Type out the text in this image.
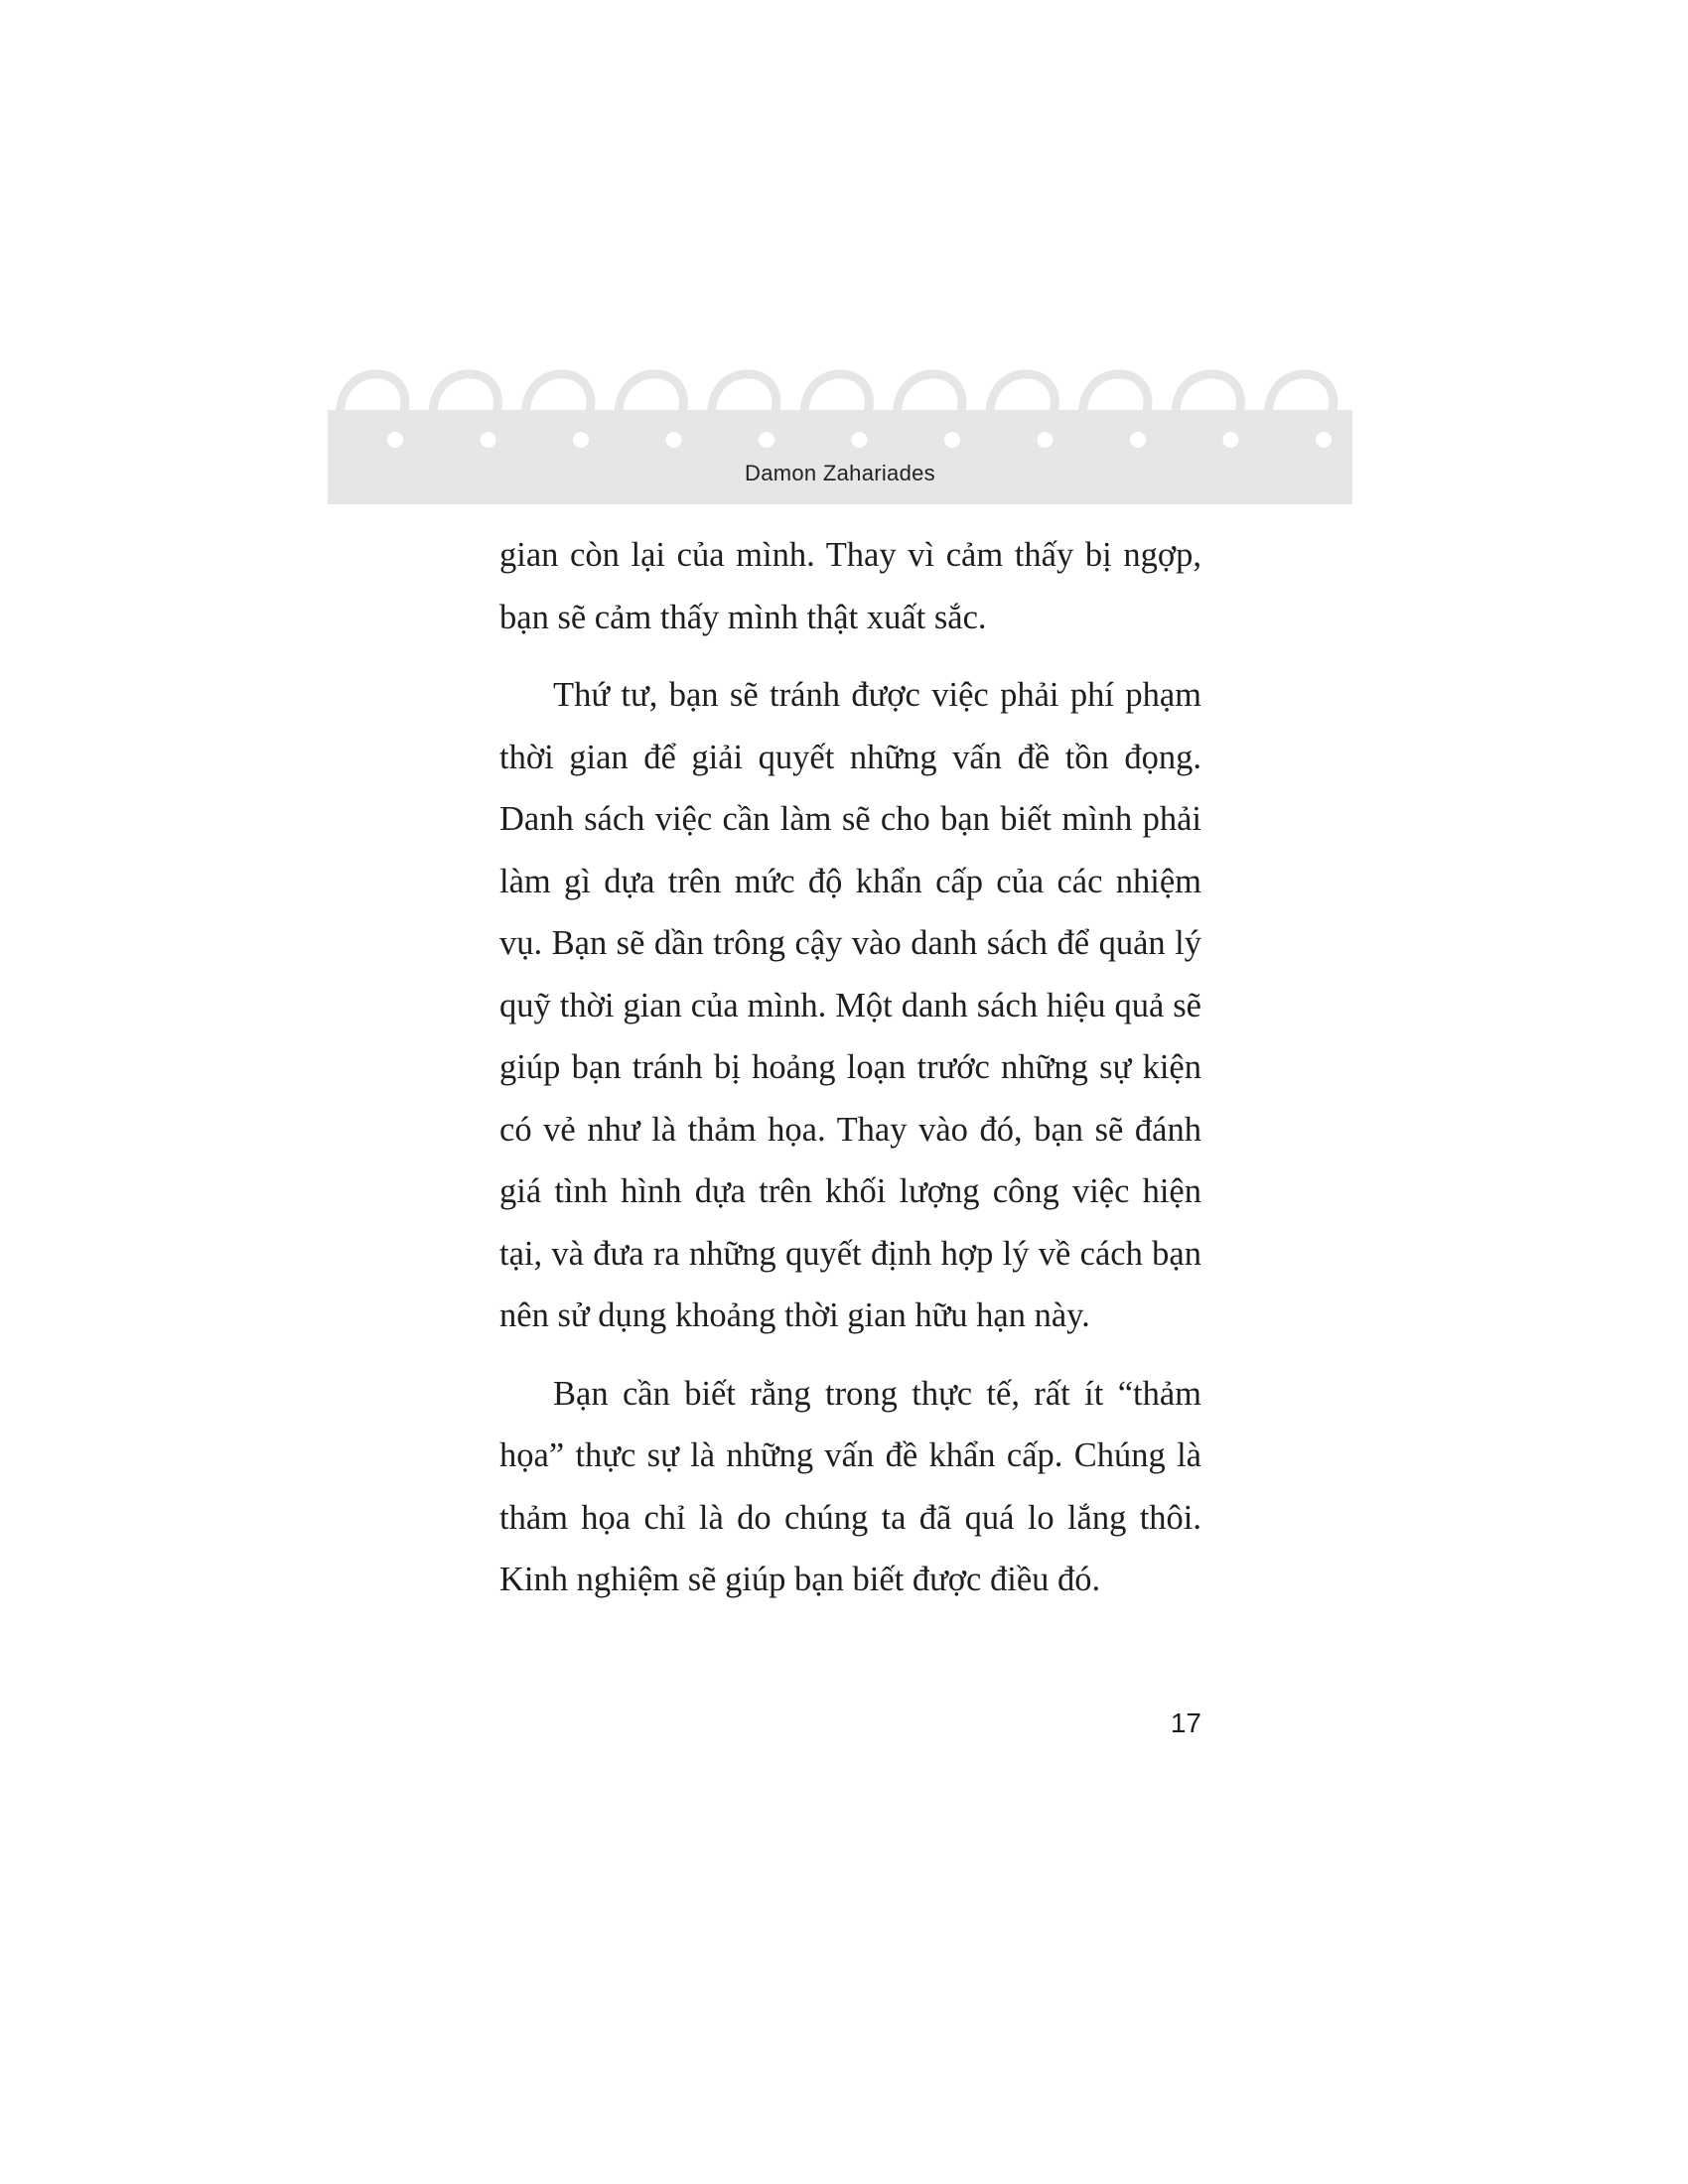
Damon Zahariades

gian còn lại của mình. Thay vì cảm thấy bị ngợp, bạn sẽ cảm thấy mình thật xuất sắc.

Thứ tư, bạn sẽ tránh được việc phải phí phạm thời gian để giải quyết những vấn đề tồn đọng. Danh sách việc cần làm sẽ cho bạn biết mình phải làm gì dựa trên mức độ khẩn cấp của các nhiệm vụ. Bạn sẽ dần trông cậy vào danh sách để quản lý quỹ thời gian của mình. Một danh sách hiệu quả sẽ giúp bạn tránh bị hoảng loạn trước những sự kiện có vẻ như là thảm họa. Thay vào đó, bạn sẽ đánh giá tình hình dựa trên khối lượng công việc hiện tại, và đưa ra những quyết định hợp lý về cách bạn nên sử dụng khoảng thời gian hữu hạn này.

Bạn cần biết rằng trong thực tế, rất ít “thảm họa” thực sự là những vấn đề khẩn cấp. Chúng là thảm họa chỉ là do chúng ta đã quá lo lắng thôi. Kinh nghiệm sẽ giúp bạn biết được điều đó.

17
